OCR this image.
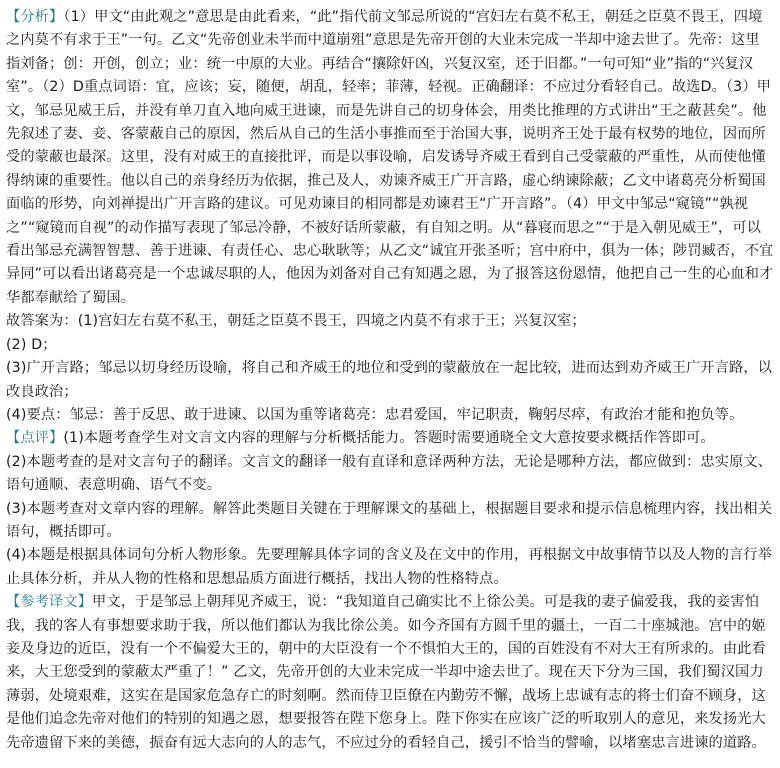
【分析】（1）甲文“由此观之”意思是由此看来，“此”指代前文邹忌所说的“宫妇左右莫不私王，朝廷之臣莫不畏王，四境之内莫不有求于王”一句。乙文“先帝创业未半而中道崩殂”意思是先帝开创的大业未完成一半却中途去世了。先帝：这里指刘备；创：开创，创立；业：统一中原的大业。再结合“攘除奸凶，兴复汉室，还于旧都。”一句可知“业”指的“兴复汉室”。（2）D重点词语：宜，应该；妄，随便，胡乱，轻率；菲薄，轻视。正确翻译：不应过分看轻自己。故选D。（3）甲文，邹忌见威王后，并没有单刀直入地向威王进谏，而是先讲自己的切身体会，用类比推理的方式讲出“王之蔽甚矣”。他先叙述了妻、妾、客蒙蔽自己的原因，然后从自己的生活小事推而至于治国大事，说明齐王处于最有权势的地位，因而所受的蒙蔽也最深。这里，没有对威王的直接批评，而是以事设喻，启发诱导齐威王看到自己受蒙蔽的严重性，从而使他懂得纳谏的重要性。他以自己的亲身经历为依据，推己及人，劝谏齐威王广开言路，虚心纳谏除蔽；乙文中诸葛亮分析蜀国面临的形势，向刘禅提出广开言路的建议。可见劝谏目的相同都是劝谏君王“广开言路”。（4）甲文中邹忌“窥镜”“孰视之”“窥镜而自视”的动作描写表现了邹忌冷静，不被好话所蒙蔽，有自知之明。从“暮寝而思之”“于是入朝见威王”，可以看出邹忌充满智智慧、善于进谏、有责任心、忠心耿耿等；从乙文“诚宜开张圣听；宫中府中，俱为一体；陟罚臧否，不宜异同”可以看出诸葛亮是一个忠诚尽职的人，他因为刘备对自己有知遇之恩，为了报答这份恩情，他把自己一生的心血和才华都奉献给了蜀国。

故答案为：(1)宫妇左右莫不私王，朝廷之臣莫不畏王，四境之内莫不有求于王；兴复汉室；

(2) D；

(3)广开言路；邹忌以切身经历设喻，将自己和齐威王的地位和受到的蒙蔽放在一起比较，进而达到劝齐威王广开言路，以改良政治；

(4)要点：邹忌：善于反思、敢于进谏、以国为重等诸葛亮：忠君爱国，牢记职责，鞠躬尽瘁，有政治才能和抱负等。

【点评】(1)本题考查学生对文言文内容的理解与分析概括能力。答题时需要通晓全文大意按要求概括作答即可。

(2)本题考查的是对文言句子的翻译。文言文的翻译一般有直译和意译两种方法，无论是哪种方法，都应做到：忠实原文、语句通顺、表意明确、语气不变。

(3)本题考查对文章内容的理解。解答此类题目关键在于理解课文的基础上，根据题目要求和提示信息梳理内容，找出相关语句，概括即可。

(4)本题是根据具体词句分析人物形象。先要理解具体字词的含义及在文中的作用，再根据文中故事情节以及人物的言行举止具体分析，并从人物的性格和思想品质方面进行概括，找出人物的性格特点。

【参考译文】甲文，于是邹忌上朝拜见齐威王，说：“我知道自己确实比不上徐公美。可是我的妻子偏爱我，我的妾害怕我，我的客人有事想要求助于我，所以他们都认为我比徐公美。如今齐国有方圆千里的疆土，一百二十座城池。宫中的姬妾及身边的近臣，没有一个不偏爱大王的，朝中的大臣没有一个不惧怕大王的，国的百姓没有不对大王有所求的。由此看来，大王您受到的蒙蔽太严重了！” 乙文，先帝开创的大业未完成一半却中途去世了。现在天下分为三国，我们蜀汉国力薄弱，处境艰难，这实在是国家危急存亡的时刻啊。然而侍卫臣僚在内勤劳不懈，战场上忠诚有志的将士们奋不顾身，这是他们追念先帝对他们的特别的知遇之恩，想要报答在陛下您身上。陛下你实在应该广泛的听取别人的意见，来发扬光大先帝遗留下来的美德，振奋有远大志向的人的志气，不应过分的看轻自己，援引不恰当的譬喻，以堵塞忠言进谏的道路。
